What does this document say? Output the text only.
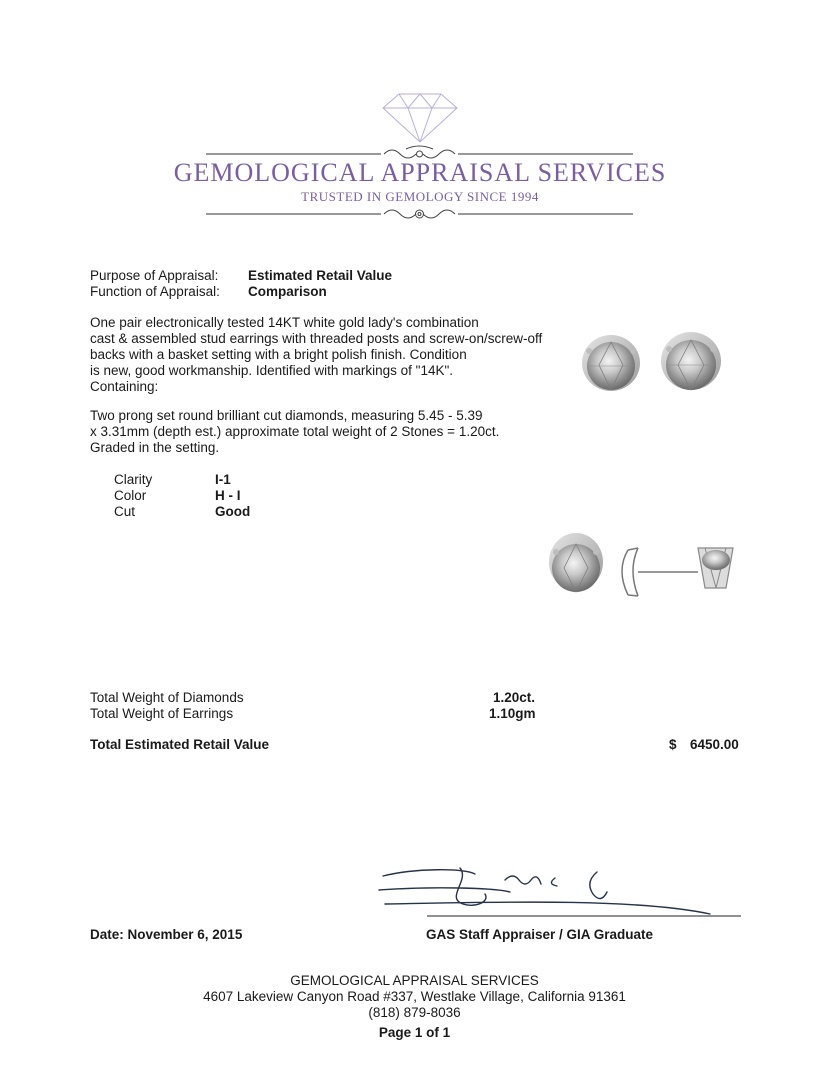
GEMOLOGICAL APPRAISAL SERVICES
TRUSTED IN GEMOLOGY SINCE 1994
Purpose of Appraisal: Estimated Retail Value
Function of Appraisal: Comparison
One pair electronically tested 14KT white gold lady's combination
cast & assembled stud earrings with threaded posts and screw-on/screw-off
backs with a basket setting with a bright polish finish. Condition
is new, good workmanship. Identified with markings of "14K".
Containing:
Two prong set round brilliant cut diamonds, measuring 5.45 - 5.39
x 3.31mm (depth est.) approximate total weight of 2 Stones = 1.20ct.
Graded in the setting.
Clarity	I-1
Color	H - I
Cut	Good
Total Weight of Diamonds	1.20ct.
Total Weight of Earrings	1.10gm
Total Estimated Retail Value	$ 6450.00
Date: November 6, 2015	GAS Staff Appraiser / GIA Graduate
GEMOLOGICAL APPRAISAL SERVICES
4607 Lakeview Canyon Road #337, Westlake Village, California 91361
(818) 879-8036
Page 1 of 1
